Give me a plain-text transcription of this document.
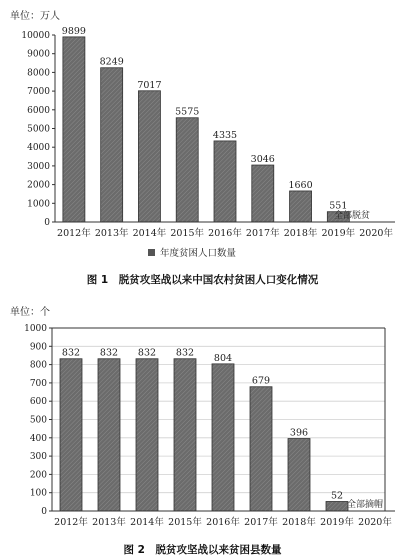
单位：万人
9899
8249
7017
5575
4335
3046
1660
551
2012年 2013年 2014年 2015年 2016年 2017年 2018年 2019年 2020年
0
1000
2000
3000
4000
5000
6000
7000
8000
9000
10000
全部脱贫
年度贫困人口数量
图 1　脱贫攻坚战以来中国农村贫困人口变化情况
单位：个
832 832 832 832 804
679
396
52
2012年 2013年 2014年 2015年 2016年 2017年 2018年 2019年 2020年
0
100
200
300
400
500
600
700
800
900
1000
全部摘帽
图 2　脱贫攻坚战以来贫困县数量
